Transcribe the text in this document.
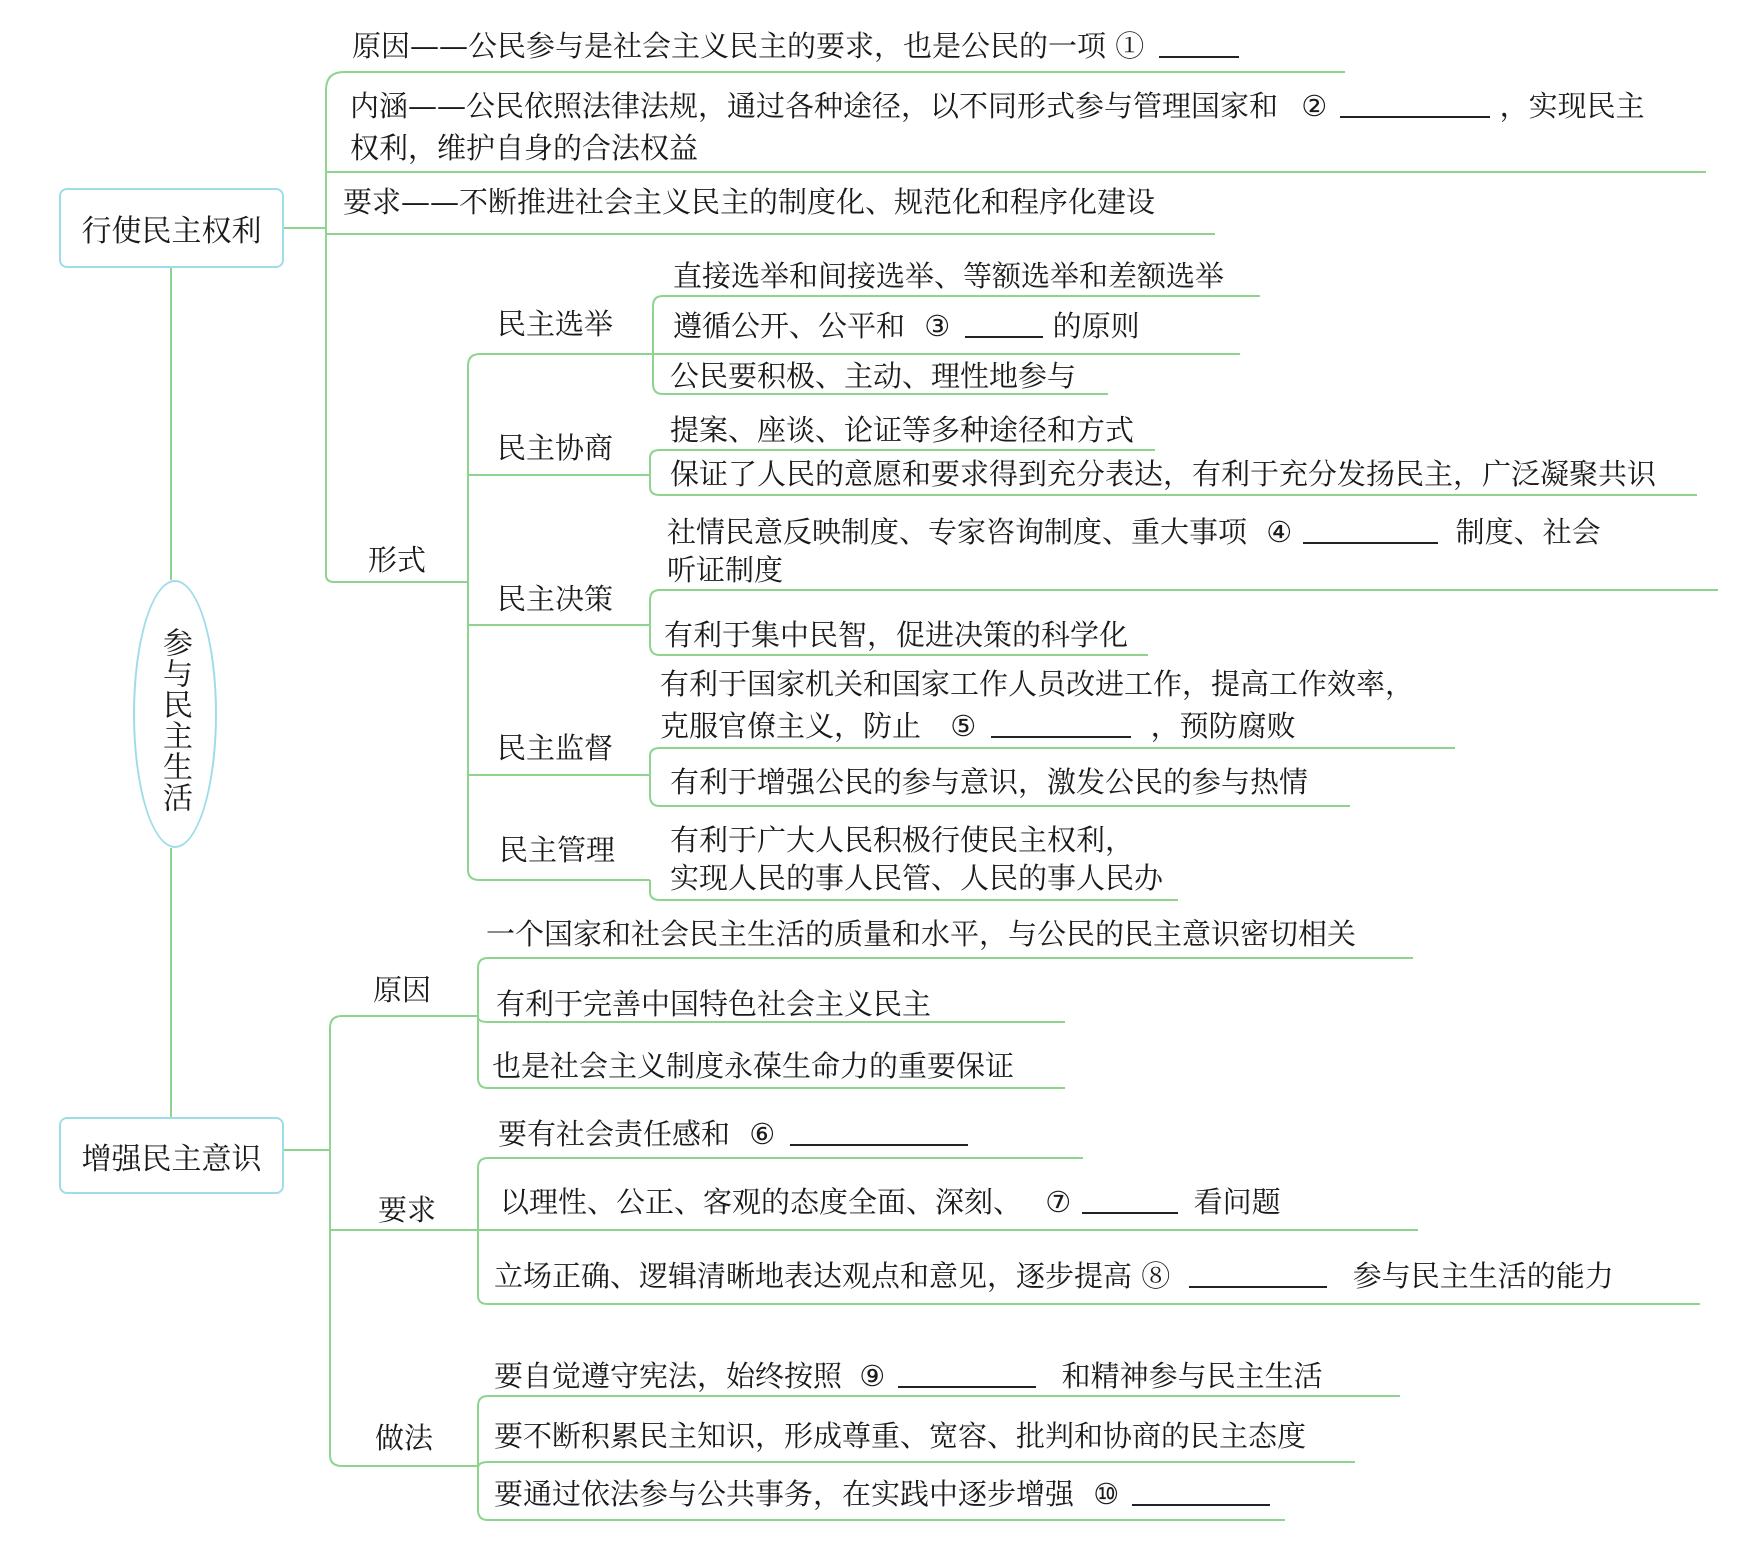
参与民主生活
行使民主权利
增强民主意识
原因——公民参与是社会主义民主的要求，也是公民的一项 ①
内涵——公民依照法律法规，通过各种途径，以不同形式参与管理国家和 ②	，实现民主
权利，维护自身的合法权益
要求——不断推进社会主义民主的制度化、规范化和程序化建设
形式
民主选举
直接选举和间接选举、等额选举和差额选举
遵循公开、公平和 ③	的原则
公民要积极、主动、理性地参与
民主协商
提案、座谈、论证等多种途径和方式
保证了人民的意愿和要求得到充分表达，有利于充分发扬民主，广泛凝聚共识
民主决策
社情民意反映制度、专家咨询制度、重大事项 ④	制度、社会
听证制度
有利于集中民智，促进决策的科学化
民主监督
有利于国家机关和国家工作人员改进工作，提高工作效率，
克服官僚主义，防止 ⑤	，预防腐败
有利于增强公民的参与意识，激发公民的参与热情
民主管理 有利于广大人民积极行使民主权利，
实现人民的事人民管、人民的事人民办
原因
一个国家和社会民主生活的质量和水平，与公民的民主意识密切相关
有利于完善中国特色社会主义民主
也是社会主义制度永葆生命力的重要保证
要求
要有社会责任感和 ⑥
以理性、公正、客观的态度全面、深刻、 ⑦	看问题
立场正确、逻辑清晰地表达观点和意见，逐步提高 ⑧	参与民主生活的能力
做法
要自觉遵守宪法，始终按照 ⑨	和精神参与民主生活
要不断积累民主知识，形成尊重、宽容、批判和协商的民主态度
要通过依法参与公共事务，在实践中逐步增强 ⑩
